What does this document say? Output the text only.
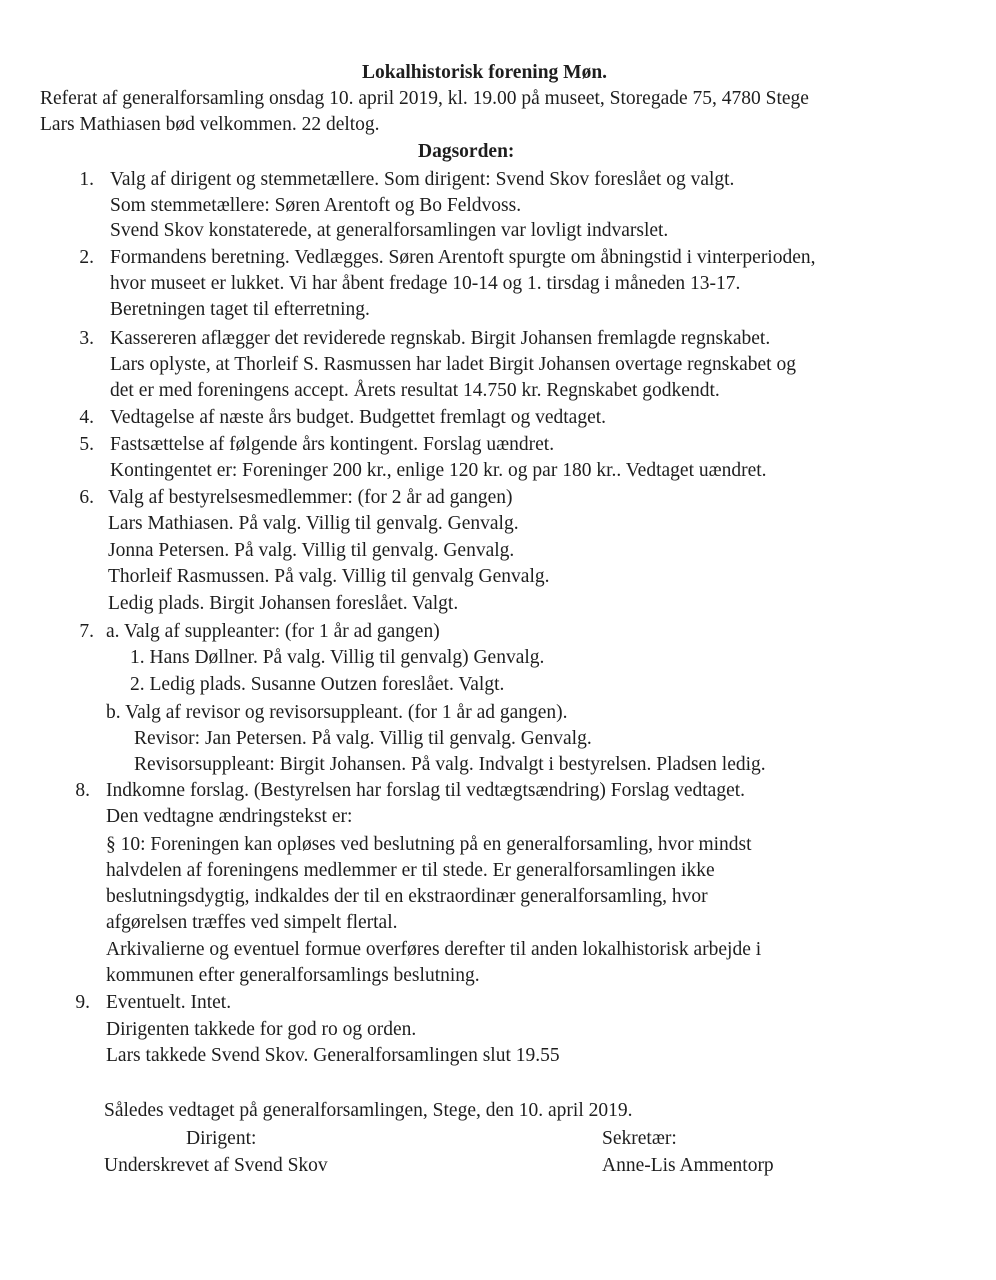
Lokalhistorisk forening Møn.
Referat af generalforsamling onsdag 10. april 2019, kl. 19.00 på museet, Storegade 75, 4780 Stege
Lars Mathiasen bød velkommen. 22 deltog.
Dagsorden:
1. Valg af dirigent og stemmetællere. Som dirigent: Svend Skov foreslået og valgt.
Som stemmetællere: Søren Arentoft og Bo Feldvoss.
Svend Skov konstaterede, at generalforsamlingen var lovligt indvarslet.
2. Formandens beretning. Vedlægges. Søren Arentoft spurgte om åbningstid i vinterperioden,
hvor museet er lukket. Vi har åbent fredage 10-14 og 1. tirsdag i måneden 13-17.
Beretningen taget til efterretning.
3. Kassereren aflægger det reviderede regnskab. Birgit Johansen fremlagde regnskabet.
Lars oplyste, at Thorleif S. Rasmussen har ladet Birgit Johansen overtage regnskabet og
det er med foreningens accept. Årets resultat 14.750 kr. Regnskabet godkendt.
4. Vedtagelse af næste års budget. Budgettet fremlagt og vedtaget.
5. Fastsættelse af følgende års kontingent. Forslag uændret.
Kontingentet er: Foreninger 200 kr., enlige 120 kr. og par 180 kr.. Vedtaget uændret.
6. Valg af bestyrelsesmedlemmer: (for 2 år ad gangen)
Lars Mathiasen. På valg. Villig til genvalg. Genvalg.
Jonna Petersen. På valg. Villig til genvalg. Genvalg.
Thorleif Rasmussen. På valg. Villig til genvalg Genvalg.
Ledig plads. Birgit Johansen foreslået. Valgt.
7. a. Valg af suppleanter: (for 1 år ad gangen)
1. Hans Døllner. På valg. Villig til genvalg) Genvalg.
2. Ledig plads. Susanne Outzen foreslået. Valgt.
b. Valg af revisor og revisorsuppleant. (for 1 år ad gangen).
Revisor: Jan Petersen. På valg. Villig til genvalg. Genvalg.
Revisorsuppleant: Birgit Johansen. På valg. Indvalgt i bestyrelsen. Pladsen ledig.
8. Indkomne forslag. (Bestyrelsen har forslag til vedtægtsændring) Forslag vedtaget.
Den vedtagne ændringstekst er:
§ 10: Foreningen kan opløses ved beslutning på en generalforsamling, hvor mindst
halvdelen af foreningens medlemmer er til stede. Er generalforsamlingen ikke
beslutningsdygtig, indkaldes der til en ekstraordinær generalforsamling, hvor
afgørelsen træffes ved simpelt flertal.
Arkivalierne og eventuel formue overføres derefter til anden lokalhistorisk arbejde i
kommunen efter generalforsamlings beslutning.
9. Eventuelt. Intet.
Dirigenten takkede for god ro og orden.
Lars takkede Svend Skov. Generalforsamlingen slut 19.55
Således vedtaget på generalforsamlingen, Stege, den 10. april 2019.
Dirigent:	Sekretær:
Underskrevet af Svend Skov	Anne-Lis Ammentorp
